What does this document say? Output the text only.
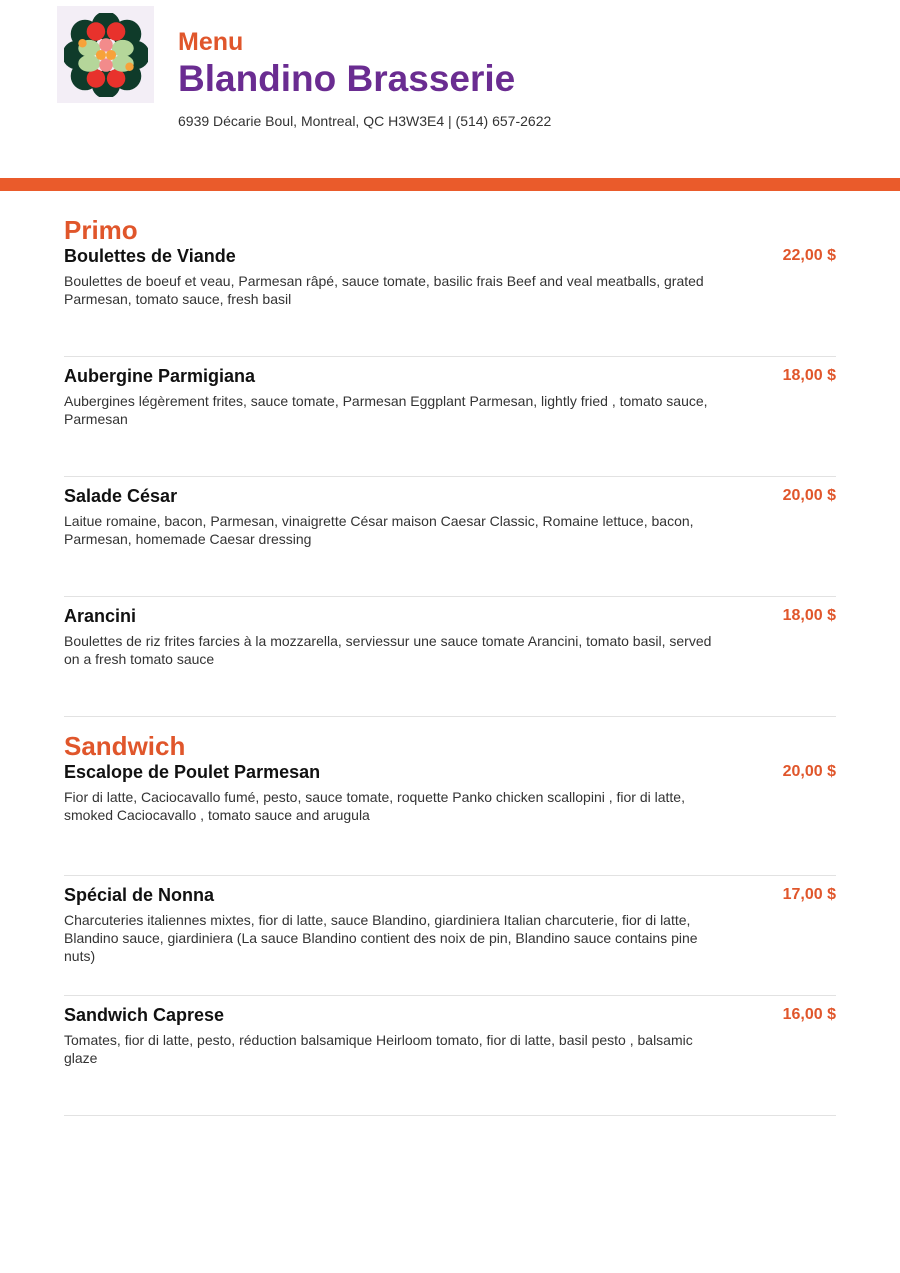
Menu
Blandino Brasserie
6939 Décarie Boul, Montreal, QC H3W3E4 | (514) 657-2622
Primo
22,00 $
Boulettes de Viande
Boulettes de boeuf et veau, Parmesan râpé, sauce tomate, basilic frais Beef and veal meatballs, grated Parmesan, tomato sauce, fresh basil
18,00 $
Aubergine Parmigiana
Aubergines légèrement frites, sauce tomate, Parmesan Eggplant Parmesan, lightly fried , tomato sauce, Parmesan
20,00 $
Salade César
Laitue romaine, bacon, Parmesan, vinaigrette César maison Caesar Classic, Romaine lettuce, bacon, Parmesan, homemade Caesar dressing
18,00 $
Arancini
Boulettes de riz frites farcies à la mozzarella, serviessur une sauce tomate Arancini, tomato basil, served on a fresh tomato sauce
Sandwich
20,00 $
Escalope de Poulet Parmesan
Fior di latte, Caciocavallo fumé, pesto, sauce tomate, roquette Panko chicken scallopini , fior di latte, smoked Caciocavallo , tomato sauce and arugula
17,00 $
Spécial de Nonna
Charcuteries italiennes mixtes, fior di latte, sauce Blandino, giardiniera Italian charcuterie, fior di latte, Blandino sauce, giardiniera (La sauce Blandino contient des noix de pin, Blandino sauce contains pine nuts)
16,00 $
Sandwich Caprese
Tomates, fior di latte, pesto, réduction balsamique Heirloom tomato, fior di latte, basil pesto , balsamic glaze
